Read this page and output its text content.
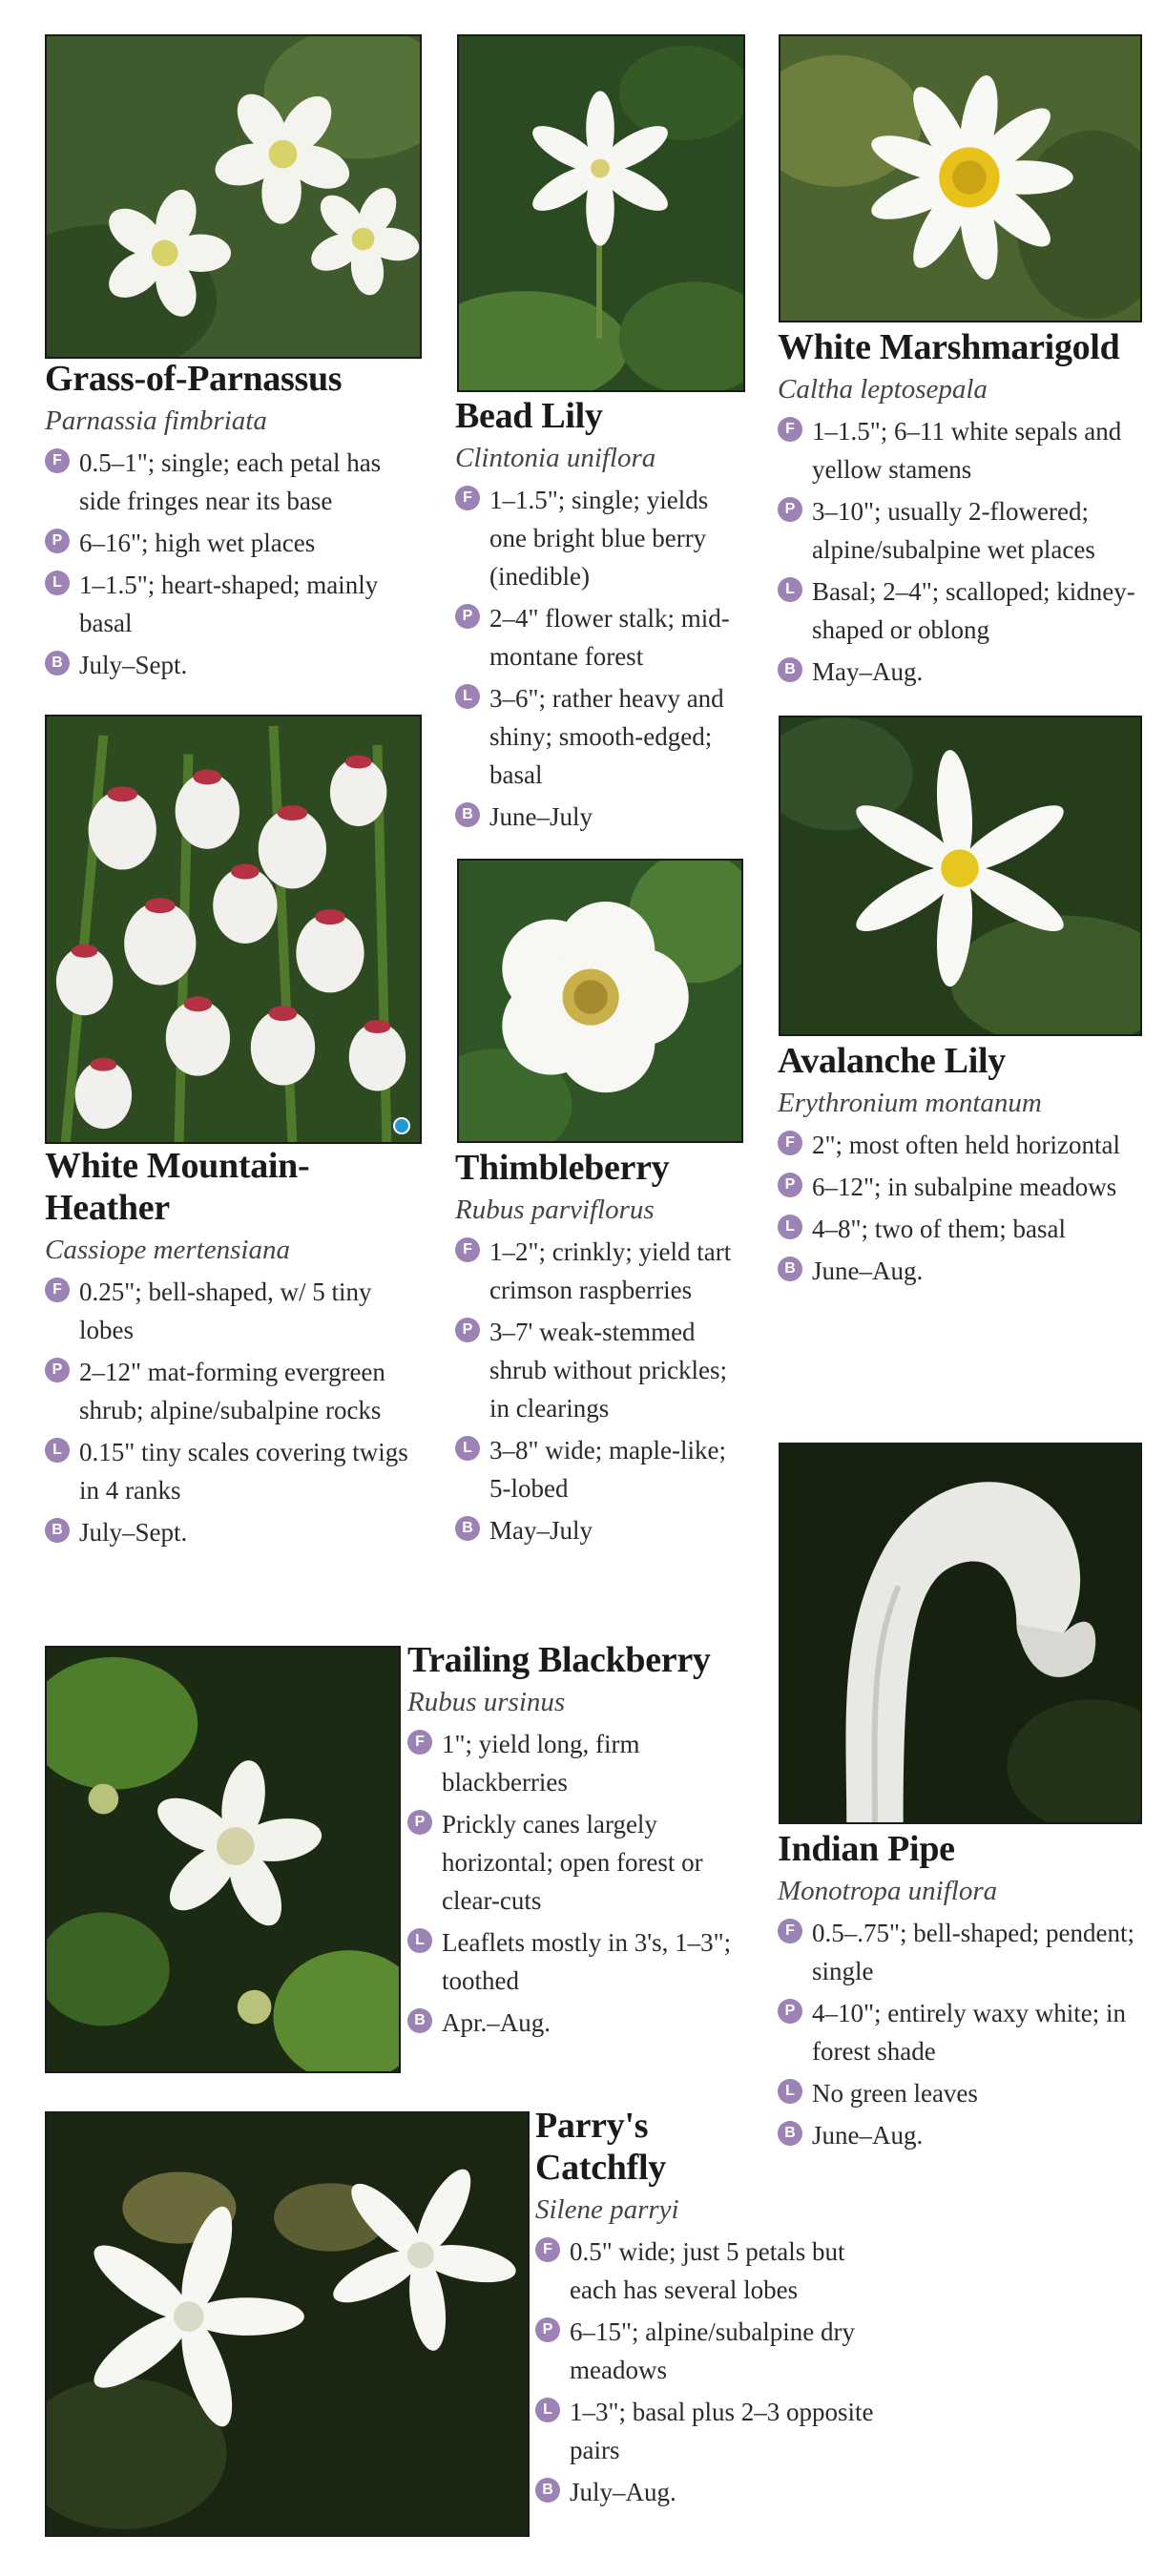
Grass-of-Parnassus
Parnassia fimbriata
F 0.5–1"; single; each petal has side fringes near its base
P 6–16"; high wet places
L 1–1.5"; heart-shaped; mainly basal
B July–Sept.
Bead Lily
Clintonia uniflora
F 1–1.5"; single; yields one bright blue berry (inedible)
P 2–4" flower stalk; mid-montane forest
L 3–6"; rather heavy and shiny; smooth-edged; basal
B June–July
White Marshmarigold
Caltha leptosepala
F 1–1.5"; 6–11 white sepals and yellow stamens
P 3–10"; usually 2-flowered; alpine/subalpine wet places
L Basal; 2–4"; scalloped; kidney-shaped or oblong
B May–Aug.
White Mountain-Heather
Cassiope mertensiana
F 0.25"; bell-shaped, w/ 5 tiny lobes
P 2–12" mat-forming evergreen shrub; alpine/subalpine rocks
L 0.15" tiny scales covering twigs in 4 ranks
B July–Sept.
Thimbleberry
Rubus parviflorus
F 1–2"; crinkly; yield tart crimson raspberries
P 3–7' weak-stemmed shrub without prickles; in clearings
L 3–8" wide; maple-like; 5-lobed
B May–July
Avalanche Lily
Erythronium montanum
F 2"; most often held horizontal
P 6–12"; in subalpine meadows
L 4–8"; two of them; basal
B June–Aug.
Trailing Blackberry
Rubus ursinus
F 1"; yield long, firm blackberries
P Prickly canes largely horizontal; open forest or clear-cuts
L Leaflets mostly in 3's, 1–3"; toothed
B Apr.–Aug.
Indian Pipe
Monotropa uniflora
F 0.5–.75"; bell-shaped; pendent; single
P 4–10"; entirely waxy white; in forest shade
L No green leaves
B June–Aug.
Parry's Catchfly
Silene parryi
F 0.5" wide; just 5 petals but each has several lobes
P 6–15"; alpine/subalpine dry meadows
L 1–3"; basal plus 2–3 opposite pairs
B July–Aug.
